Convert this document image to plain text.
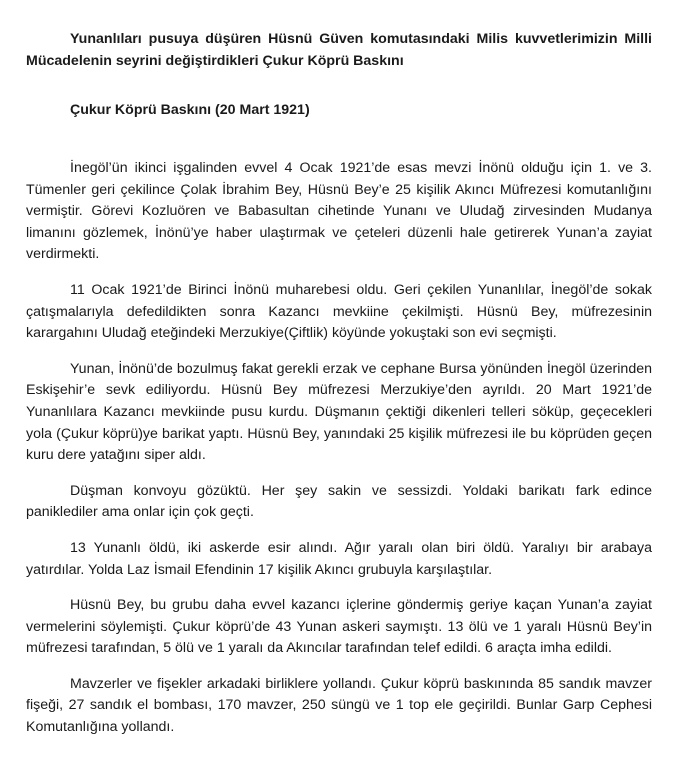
Yunanlıları pusuya düşüren Hüsnü Güven komutasındaki Milis kuvvetlerimizin Milli Mücadelenin seyrini değiştirdikleri Çukur Köprü Baskını
Çukur Köprü Baskını (20 Mart 1921)

İnegöl’ün ikinci işgalinden evvel 4 Ocak 1921’de esas mevzi İnönü olduğu için 1. ve 3. Tümenler geri çekilince Çolak İbrahim Bey, Hüsnü Bey’e 25 kişilik Akıncı Müfrezesi komutanlığını vermiştir. Görevi Kozluören ve Babasultan cihetinde Yunanı ve Uludağ zirvesinden Mudanya limanını gözlemek, İnönü’ye haber ulaştırmak ve çeteleri düzenli hale getirerek Yunan’a zayiat verdirmekti.

11 Ocak 1921’de Birinci İnönü muharebesi oldu. Geri çekilen Yunanlılar, İnegöl’de sokak çatışmalarıyla defedildikten sonra Kazancı mevkiine çekilmişti. Hüsnü Bey, müfrezesinin karargahını Uludağ eteğindeki Merzukiye(Çiftlik) köyünde yokuştaki son evi seçmişti.

Yunan, İnönü’de bozulmuş fakat gerekli erzak ve cephane Bursa yönünden İnegöl üzerinden Eskişehir’e sevk ediliyordu. Hüsnü Bey müfrezesi Merzukiye’den ayrıldı. 20 Mart 1921’de Yunanlılara Kazancı mevkiinde pusu kurdu. Düşmanın çektiği dikenleri telleri söküp, geçecekleri yola (Çukur köprü)ye barikat yaptı. Hüsnü Bey, yanındaki 25 kişilik müfrezesi ile bu köprüden geçen kuru dere yatağını siper aldı.

Düşman konvoyu gözüktü. Her şey sakin ve sessizdi. Yoldaki barikatı fark edince paniklediler ama onlar için çok geçti.

13 Yunanlı öldü, iki askerde esir alındı. Ağır yaralı olan biri öldü. Yaralıyı bir arabaya yatırdılar. Yolda Laz İsmail Efendinin 17 kişilik Akıncı grubuyla karşılaştılar.

Hüsnü Bey, bu grubu daha evvel kazancı içlerine göndermiş geriye kaçan Yunan’a zayiat vermelerini söylemişti. Çukur köprü’de 43 Yunan askeri saymıştı. 13 ölü ve 1 yaralı Hüsnü Bey’in müfrezesi tarafından, 5 ölü ve 1 yaralı da Akıncılar tarafından telef edildi. 6 araçta imha edildi.

Mavzerler ve fişekler arkadaki birliklere yollandı. Çukur köprü baskınında 85 sandık mavzer fişeği, 27 sandık el bombası, 170 mavzer, 250 süngü ve 1 top ele geçirildi. Bunlar Garp Cephesi Komutanlığına yollandı.
